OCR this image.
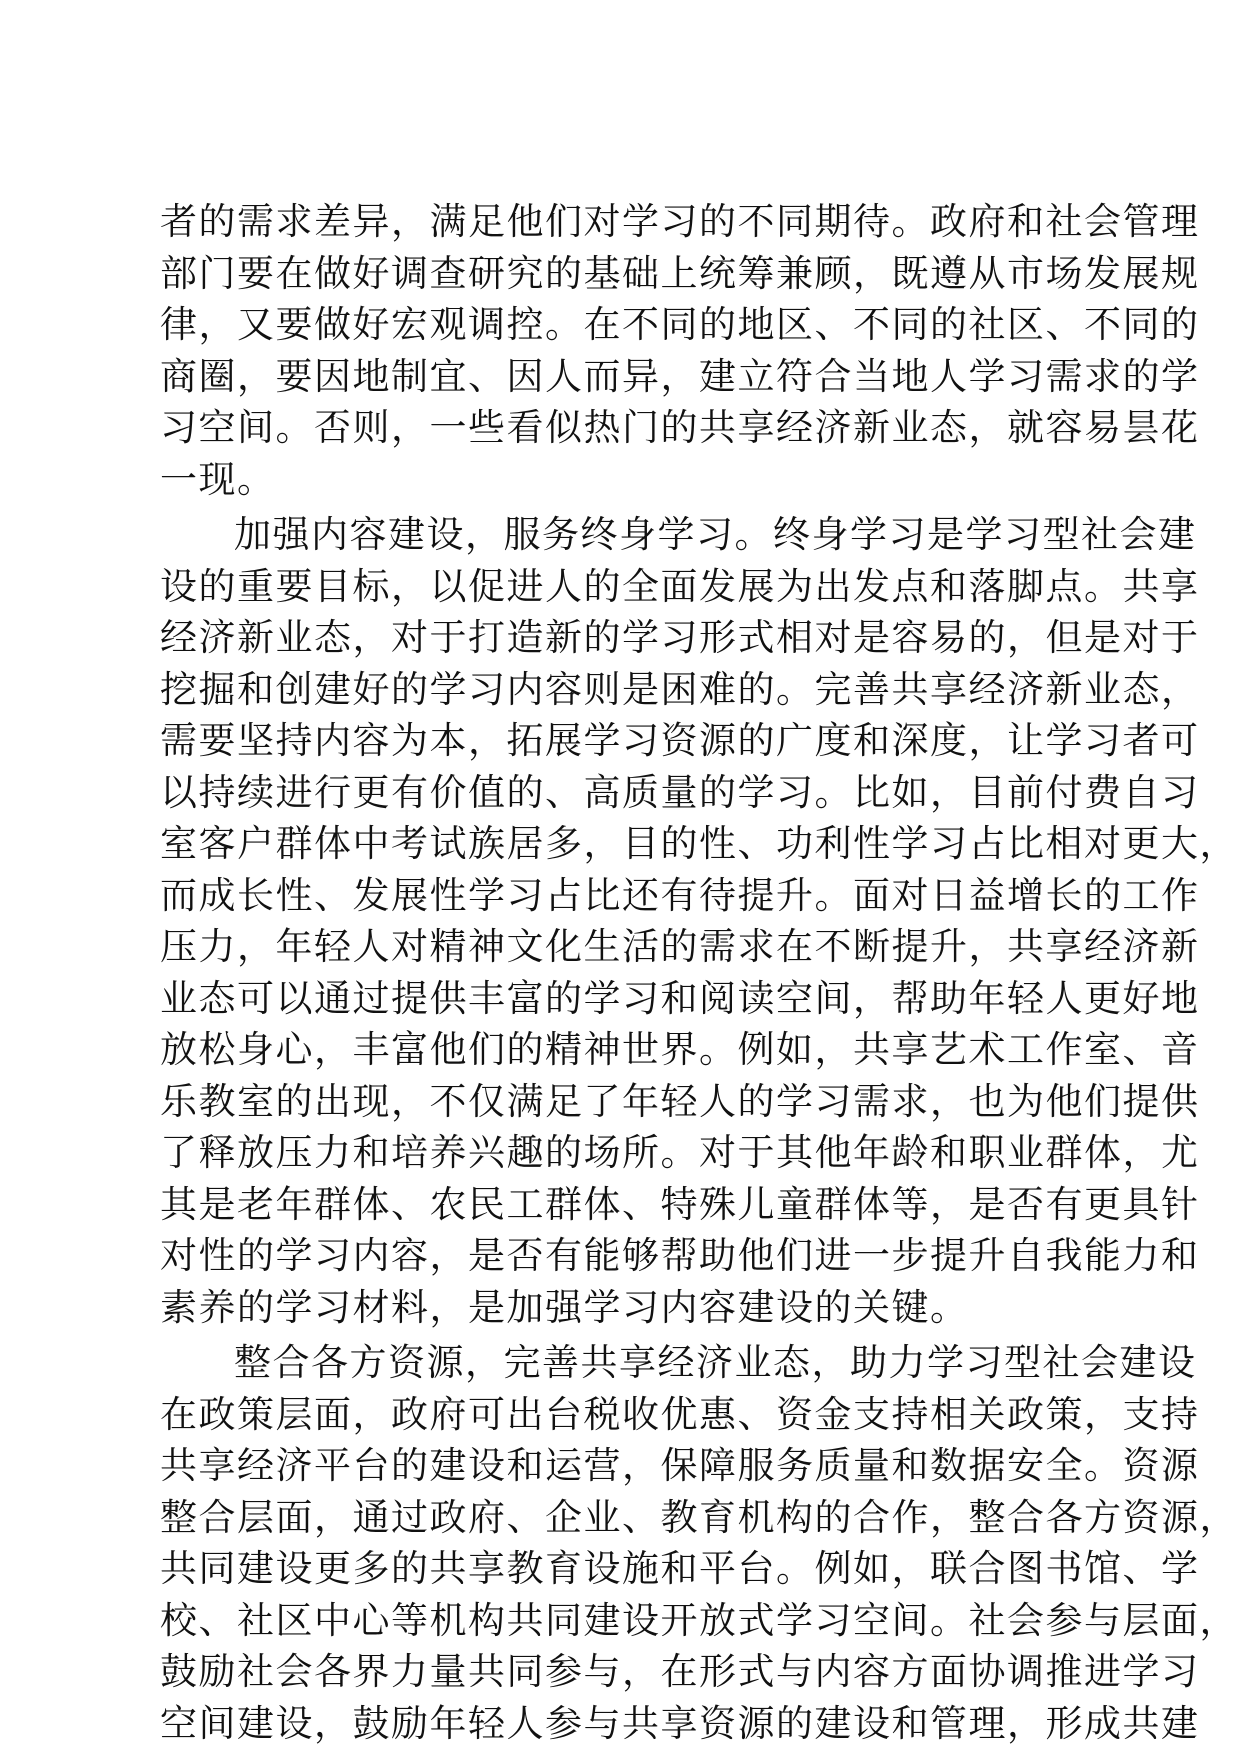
者的需求差异，满足他们对学习的不同期待。政府和社会管理
部门要在做好调查研究的基础上统筹兼顾，既遵从市场发展规
律，又要做好宏观调控。在不同的地区、不同的社区、不同的
商圈，要因地制宜、因人而异，建立符合当地人学习需求的学
习空间。否则，一些看似热门的共享经济新业态，就容易昙花
一现。
加强内容建设，服务终身学习。终身学习是学习型社会建
设的重要目标，以促进人的全面发展为出发点和落脚点。共享
经济新业态，对于打造新的学习形式相对是容易的，但是对于
挖掘和创建好的学习内容则是困难的。完善共享经济新业态，
需要坚持内容为本，拓展学习资源的广度和深度，让学习者可
以持续进行更有价值的、高质量的学习。比如，目前付费自习
室客户群体中考试族居多，目的性、功利性学习占比相对更大，
而成长性、发展性学习占比还有待提升。面对日益增长的工作
压力，年轻人对精神文化生活的需求在不断提升，共享经济新
业态可以通过提供丰富的学习和阅读空间，帮助年轻人更好地
放松身心，丰富他们的精神世界。例如，共享艺术工作室、音
乐教室的出现，不仅满足了年轻人的学习需求，也为他们提供
了释放压力和培养兴趣的场所。对于其他年龄和职业群体，尤
其是老年群体、农民工群体、特殊儿童群体等，是否有更具针
对性的学习内容，是否有能够帮助他们进一步提升自我能力和
素养的学习材料，是加强学习内容建设的关键。
整合各方资源，完善共享经济业态，助力学习型社会建设
在政策层面，政府可出台税收优惠、资金支持相关政策，支持
共享经济平台的建设和运营，保障服务质量和数据安全。资源
整合层面，通过政府、企业、教育机构的合作，整合各方资源，
共同建设更多的共享教育设施和平台。例如，联合图书馆、学
校、社区中心等机构共同建设开放式学习空间。社会参与层面，
鼓励社会各界力量共同参与，在形式与内容方面协调推进学习
空间建设，鼓励年轻人参与共享资源的建设和管理，形成共建
